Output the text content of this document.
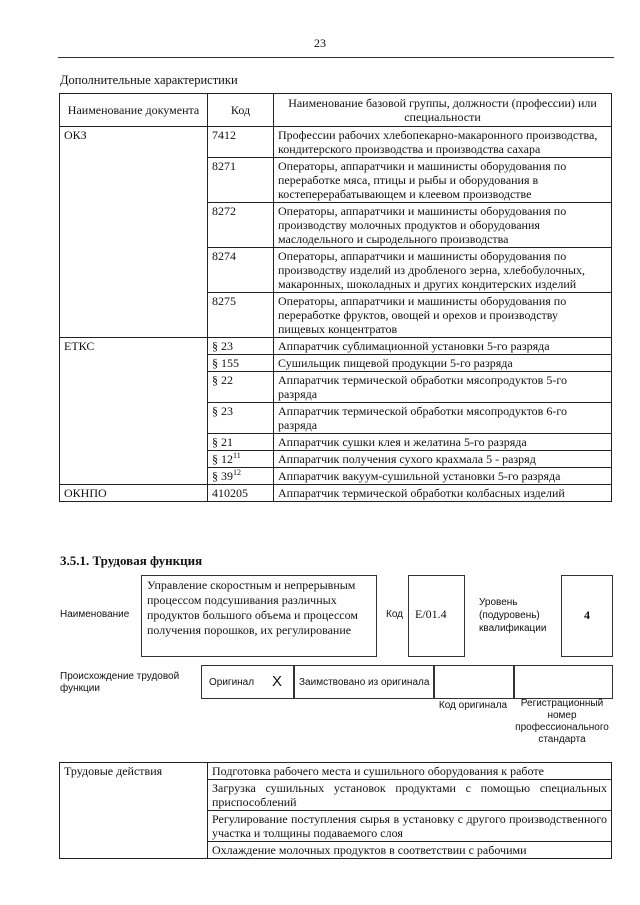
23
Дополнительные характеристики
Наименование документа	Код	Наименование базовой группы, должности (профессии) или специальности
ОКЗ	7412	Профессии рабочих хлебопекарно-макаронного производства, кондитерского производства и производства сахара
	8271	Операторы, аппаратчики и машинисты оборудования по переработке мяса, птицы и рыбы и оборудования в костеперерабатывающем и клеевом производстве
	8272	Операторы, аппаратчики и машинисты оборудования по производству молочных продуктов и оборудования маслодельного и сыродельного производства
	8274	Операторы, аппаратчики и машинисты оборудования по производству изделий из дробленого зерна, хлебобулочных, макаронных, шоколадных и других кондитерских изделий
	8275	Операторы, аппаратчики и машинисты оборудования по переработке фруктов, овощей и орехов и производству пищевых концентратов
ЕТКС	§ 23	Аппаратчик сублимационной установки 5-го разряда
	§ 155	Сушильщик пищевой продукции 5-го разряда
	§ 22	Аппаратчик термической обработки мясопродуктов 5-го разряда
	§ 23	Аппаратчик термической обработки мясопродуктов 6-го разряда
	§ 21	Аппаратчик сушки клея и желатина 5-го разряда
	§ $12^{11}$	Аппаратчик получения сухого крахмала 5 - разряд
	§ $39^{12}$	Аппаратчик вакуум-сушильной установки 5-го разряда
ОКНПО	410205	Аппаратчик термической обработки колбасных изделий
3.5.1. Трудовая функция
Наименование
Управление скоростным и непрерывным процессом подсушивания различных продуктов большого объема и процессом получения порошков, их регулирование
Код E/01.4
Уровень (подуровень) квалификации
4
Происхождение трудовой функции
Оригинал X Заимствовано из оригинала
Код оригинала	Регистрационный номер профессионального стандарта
Трудовые действия	Подготовка рабочего места и сушильного оборудования к работе
Загрузка сушильных установок продуктами с помощью специальных приспособлений
Регулирование поступления сырья в установку с другого производственного участка и толщины подаваемого слоя
Охлаждение молочных продуктов в соответствии с рабочими
